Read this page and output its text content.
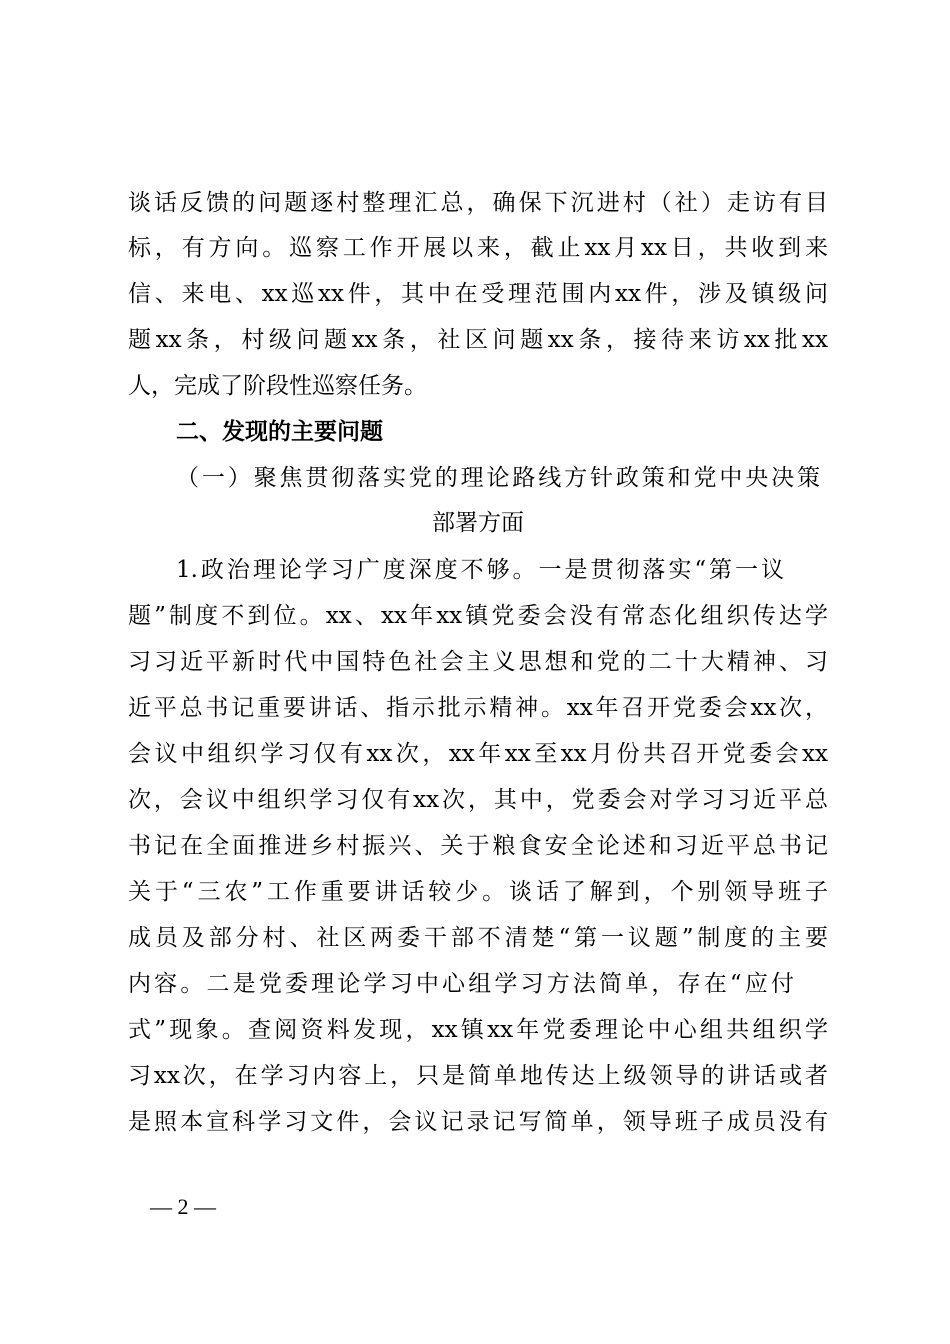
谈话反馈的问题逐村整理汇总，确保下沉进村（社）走访有目
标，有方向。巡察工作开展以来，截止xx月xx日，共收到来
信、来电、xx巡xx件，其中在受理范围内xx件，涉及镇级问
题xx条，村级问题xx条，社区问题xx条，接待来访xx批xx
人，完成了阶段性巡察任务。
二、发现的主要问题
（一）聚焦贯彻落实党的理论路线方针政策和党中央决策
部署方面
1.政治理论学习广度深度不够。一是贯彻落实“第一议
题”制度不到位。xx、xx年xx镇党委会没有常态化组织传达学
习习近平新时代中国特色社会主义思想和党的二十大精神、习
近平总书记重要讲话、指示批示精神。xx年召开党委会xx次，
会议中组织学习仅有xx次，xx年xx至xx月份共召开党委会xx
次，会议中组织学习仅有xx次，其中，党委会对学习习近平总
书记在全面推进乡村振兴、关于粮食安全论述和习近平总书记
关于“三农”工作重要讲话较少。谈话了解到，个别领导班子
成员及部分村、社区两委干部不清楚“第一议题”制度的主要
内容。二是党委理论学习中心组学习方法简单，存在“应付
式”现象。查阅资料发现，xx镇xx年党委理论中心组共组织学
习xx次，在学习内容上，只是简单地传达上级领导的讲话或者
是照本宣科学习文件，会议记录记写简单，领导班子成员没有
— 2 —
